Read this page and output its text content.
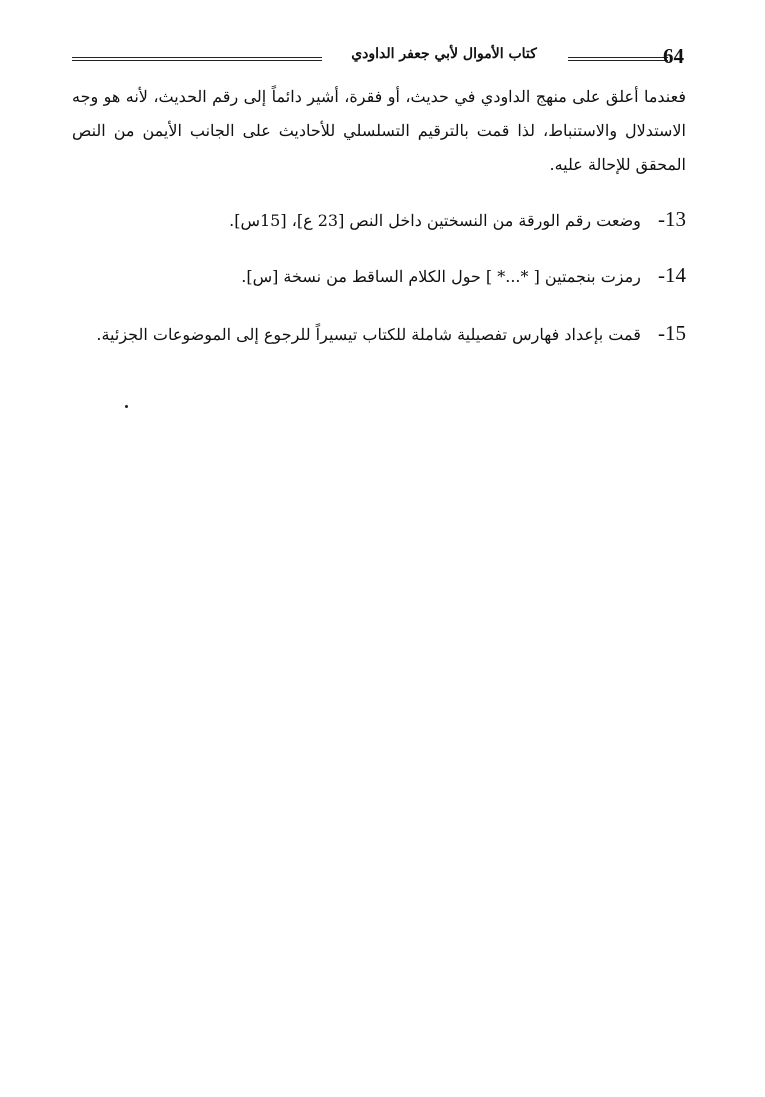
كتاب الأموال لأبي جعفر الداودي	64
فعندما أعلق على منهج الداودي في حديث، أو فقرة، أشير دائماً إلى رقم الحديث، لأنه هو وجه الاستدلال والاستنباط، لذا قمت بالترقيم التسلسلي للأحاديث على الجانب الأيمن من النص المحقق للإحالة عليه.
13- وضعت رقم الورقة من النسختين داخل النص [23 ع]، [15س].
14- رمزت بنجمتين [ *...* ] حول الكلام الساقط من نسخة [س].
15- قمت بإعداد فهارس تفصيلية شاملة للكتاب تيسيراً للرجوع إلى الموضوعات الجزئية.
